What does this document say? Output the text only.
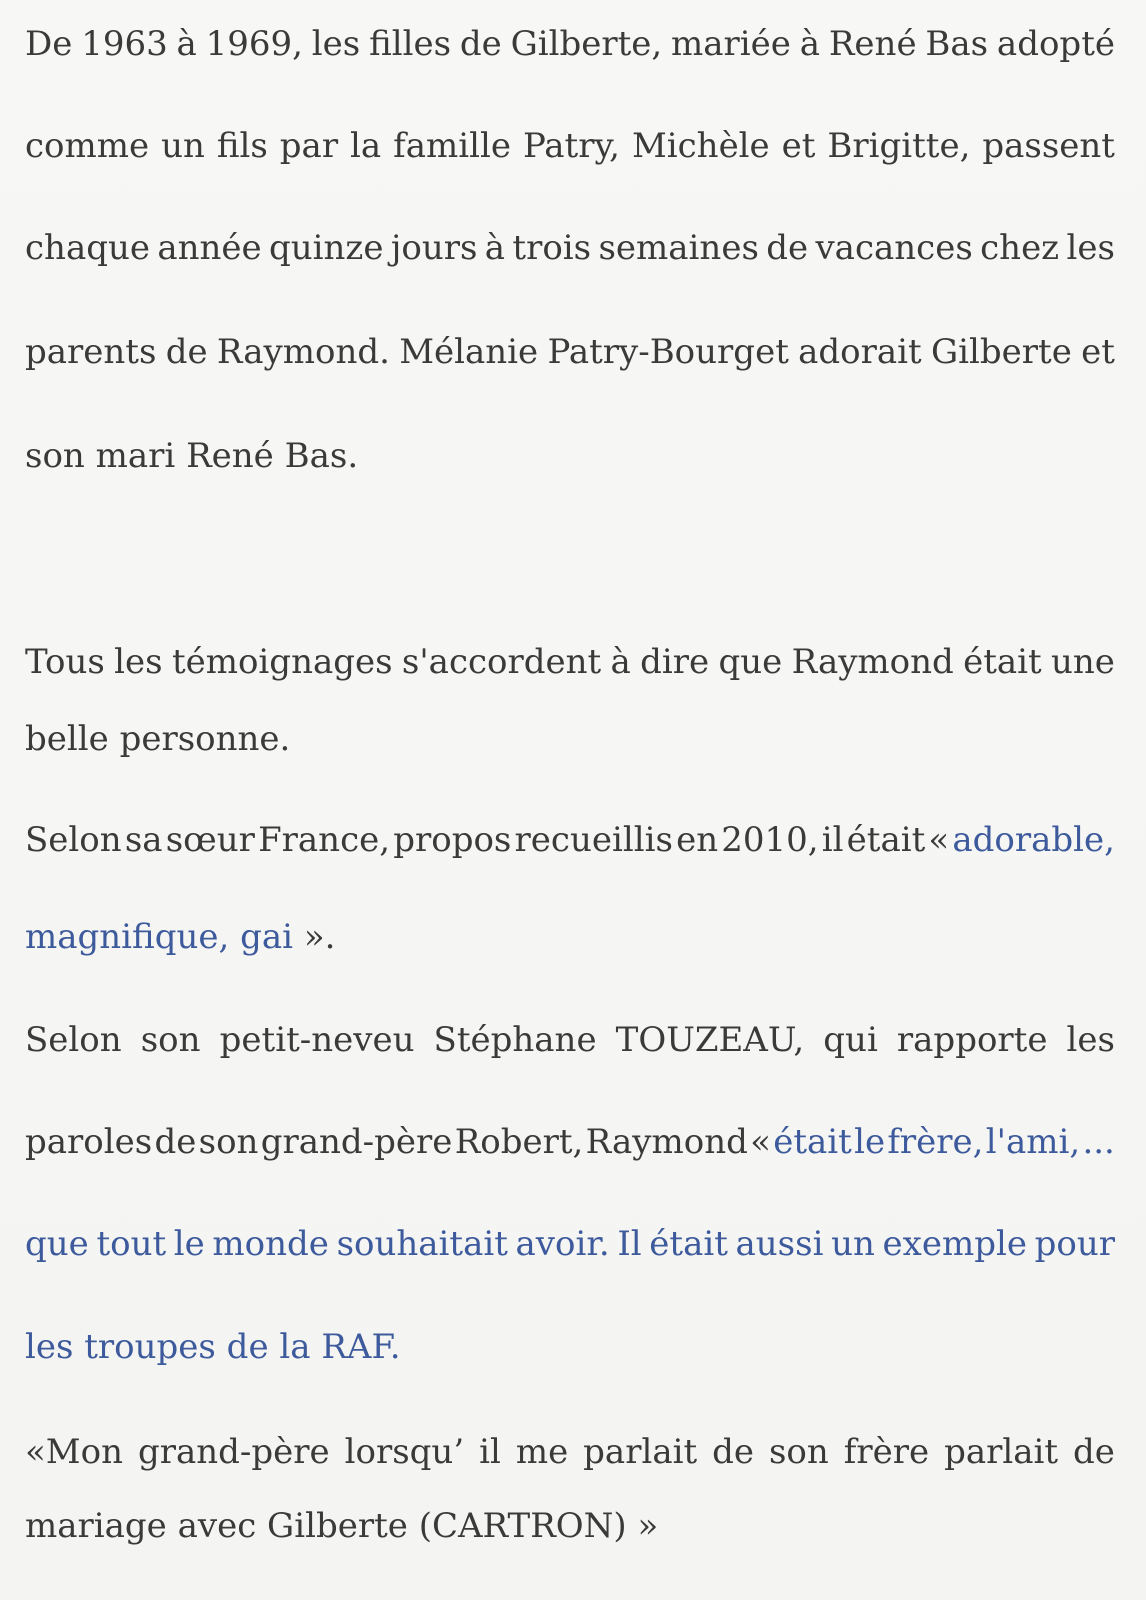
De 1963 à 1969, les filles de Gilberte, mariée à René Bas adopté
comme un fils par la famille Patry, Michèle et Brigitte, passent
chaque année quinze jours à trois semaines de vacances chez les
parents de Raymond. Mélanie Patry-Bourget adorait Gilberte et
son mari René Bas.
Tous les témoignages s'accordent à dire que Raymond était une
belle personne.
Selon sa sœur France, propos recueillis en 2010, il était « adorable,
magnifique, gai ».
Selon son petit-neveu Stéphane TOUZEAU, qui rapporte les
paroles de son grand-père Robert, Raymond « était le frère, l'ami, ...
que tout le monde souhaitait avoir. Il était aussi un exemple pour
les troupes de la RAF.
«Mon grand-père lorsqu’ il me parlait de son frère parlait de
mariage avec Gilberte (CARTRON) »
